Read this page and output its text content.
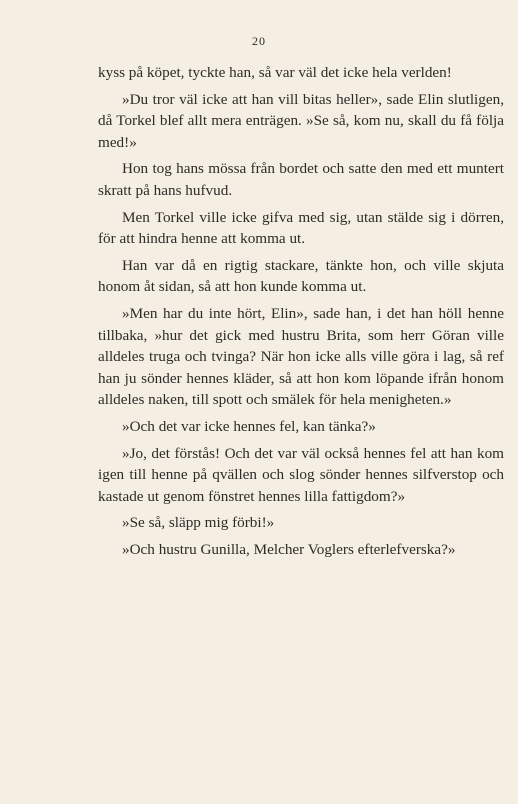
20

kyss på köpet, tyckte han, så var väl det icke hela verlden!

»Du tror väl icke att han vill bitas heller», sade Elin slutligen, då Torkel blef allt mera enträgen. »Se så, kom nu, skall du få följa med!»

Hon tog hans mössa från bordet och satte den med ett muntert skratt på hans hufvud.

Men Torkel ville icke gifva med sig, utan stälde sig i dörren, för att hindra henne att komma ut.

Han var då en rigtig stackare, tänkte hon, och ville skjuta honom åt sidan, så att hon kunde komma ut.

»Men har du inte hört, Elin», sade han, i det han höll henne tillbaka, »hur det gick med hustru Brita, som herr Göran ville alldeles truga och tvinga? När hon icke alls ville göra i lag, så ref han ju sönder hennes kläder, så att hon kom löpande ifrån honom alldeles naken, till spott och smälek för hela menigheten.»

»Och det var icke hennes fel, kan tänka?»

»Jo, det förstås! Och det var väl också hennes fel att han kom igen till henne på qvällen och slog sönder hennes silfverstop och kastade ut genom fönstret hennes lilla fattigdom?»

»Se så, släpp mig förbi!»

»Och hustru Gunilla, Melcher Voglers efterlefverska?»
